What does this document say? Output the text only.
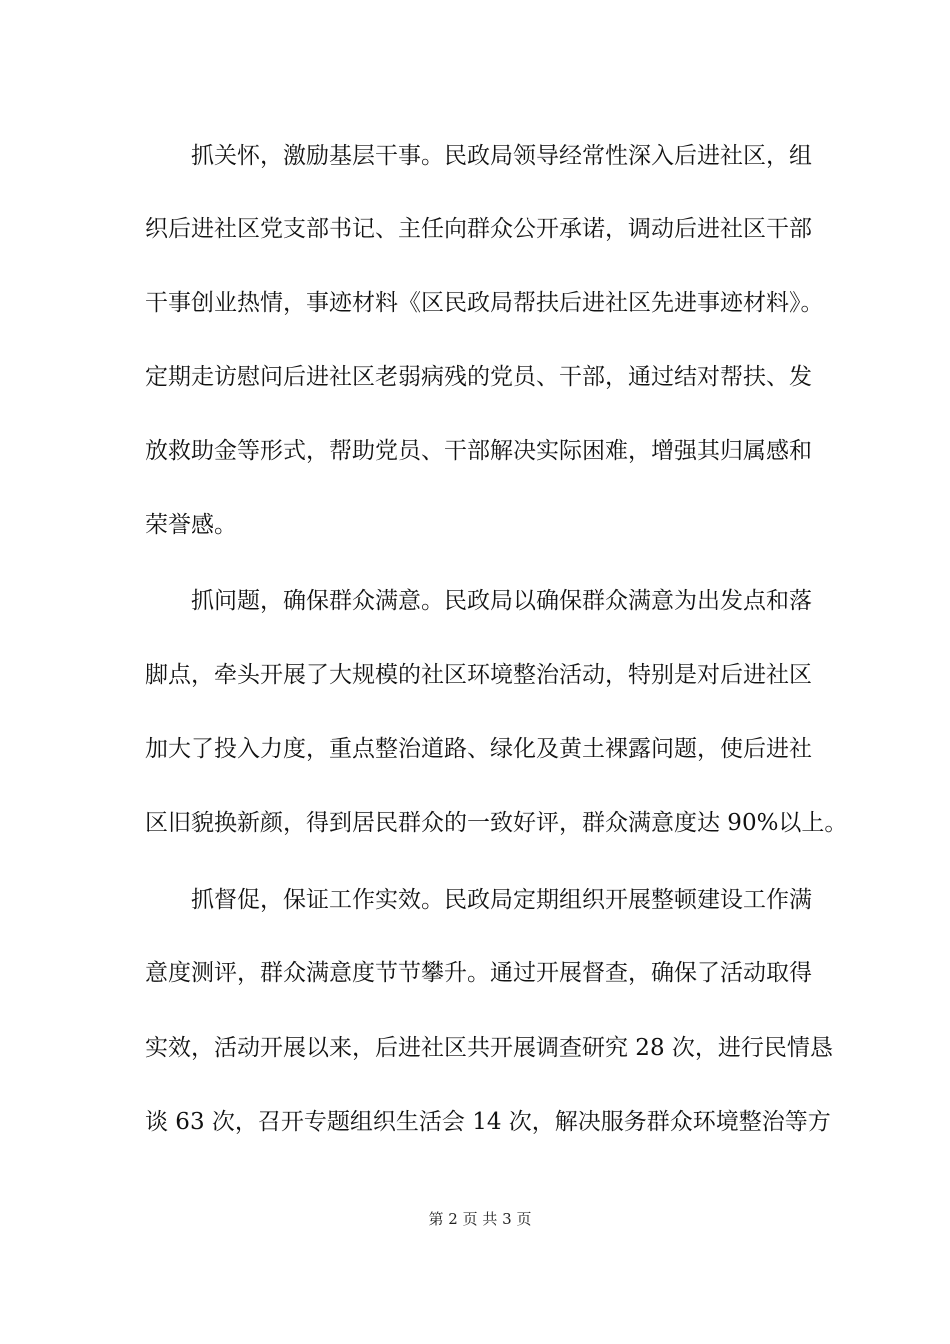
　　抓关怀，激励基层干事。民政局领导经常性深入后进社区，组
织后进社区党支部书记、主任向群众公开承诺，调动后进社区干部
干事创业热情，事迹材料《区民政局帮扶后进社区先进事迹材料》。
定期走访慰问后进社区老弱病残的党员、干部，通过结对帮扶、发
放救助金等形式，帮助党员、干部解决实际困难，增强其归属感和
荣誉感。
　　抓问题，确保群众满意。民政局以确保群众满意为出发点和落
脚点，牵头开展了大规模的社区环境整治活动，特别是对后进社区
加大了投入力度，重点整治道路、绿化及黄土裸露问题，使后进社
区旧貌换新颜，得到居民群众的一致好评，群众满意度达 90%以上。
　　抓督促，保证工作实效。民政局定期组织开展整顿建设工作满
意度测评，群众满意度节节攀升。通过开展督查，确保了活动取得
实效，活动开展以来，后进社区共开展调查研究 28 次，进行民情恳
谈 63 次，召开专题组织生活会 14 次，解决服务群众环境整治等方
第 2 页 共 3 页
